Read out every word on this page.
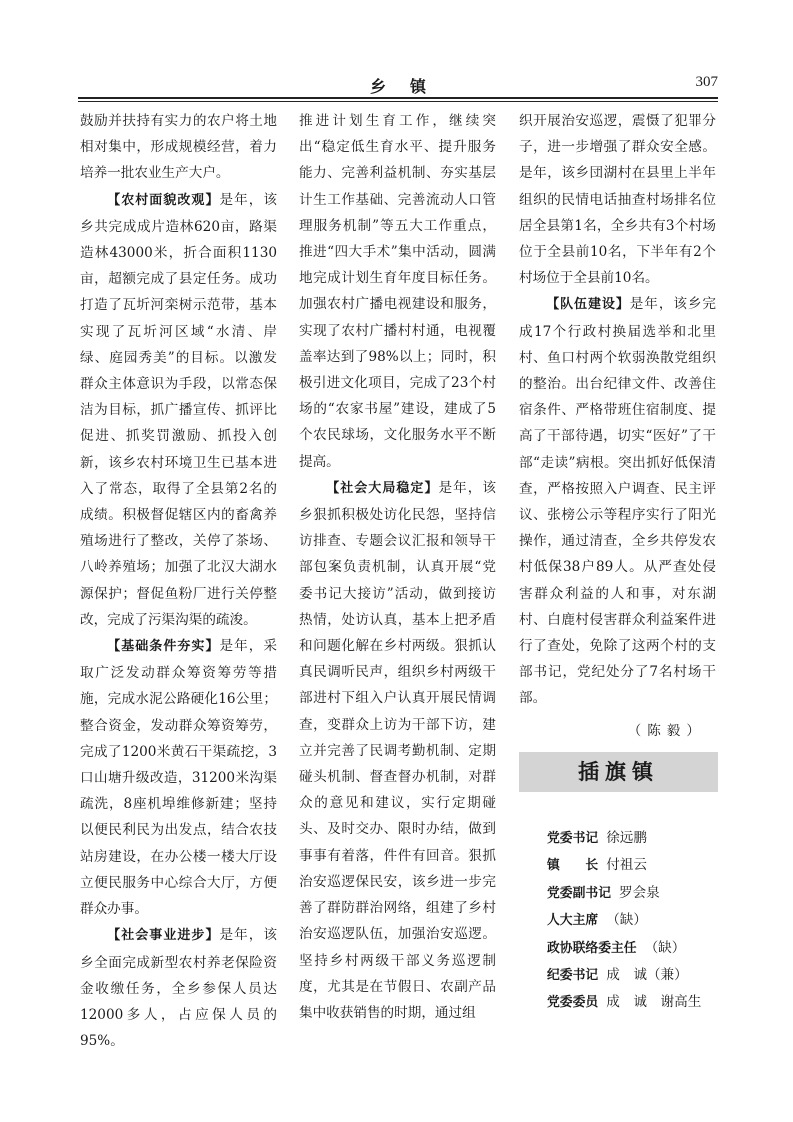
乡镇	307

鼓励并扶持有实力的农户将土地相对集中，形成规模经营，着力培养一批农业生产大户。

【农村面貌改观】是年，该乡共完成成片造林620亩，路渠造林43000米，折合面积1130亩，超额完成了县定任务。成功打造了瓦圻河栾树示范带，基本实现了瓦圻河区域“水清、岸绿、庭园秀美”的目标。以激发群众主体意识为手段，以常态保洁为目标，抓广播宣传、抓评比促进、抓奖罚激励、抓投入创新，该乡农村环境卫生已基本进入了常态，取得了全县第2名的成绩。积极督促辖区内的畜禽养殖场进行了整改，关停了茶场、八岭养殖场；加强了北汉大湖水源保护；督促鱼粉厂进行关停整改，完成了污渠沟渠的疏浚。

【基础条件夯实】是年，采取广泛发动群众筹资筹劳等措施，完成水泥公路硬化16公里；整合资金，发动群众筹资筹劳，完成了1200米黄石干渠疏挖，3口山塘升级改造，31200米沟渠疏洗，8座机埠维修新建；坚持以便民利民为出发点，结合农技站房建设，在办公楼一楼大厅设立便民服务中心综合大厅，方便群众办事。

【社会事业进步】是年，该乡全面完成新型农村养老保险资金收缴任务，全乡参保人员达12000多人，占应保人员的95%。

推进计划生育工作，继续突出“稳定低生育水平、提升服务能力、完善利益机制、夯实基层计生工作基础、完善流动人口管理服务机制”等五大工作重点，推进“四大手术”集中活动，圆满地完成计划生育年度目标任务。加强农村广播电视建设和服务，实现了农村广播村村通，电视覆盖率达到了98%以上；同时，积极引进文化项目，完成了23个村场的“农家书屋”建设，建成了5个农民球场，文化服务水平不断提高。

【社会大局稳定】是年，该乡狠抓积极处访化民怨，坚持信访排查、专题会议汇报和领导干部包案负责机制，认真开展“党委书记大接访”活动，做到接访热情，处访认真，基本上把矛盾和问题化解在乡村两级。狠抓认真民调听民声，组织乡村两级干部进村下组入户认真开展民情调查，变群众上访为干部下访，建立并完善了民调考勤机制、定期碰头机制、督查督办机制，对群众的意见和建议，实行定期碰头、及时交办、限时办结，做到事事有着落，件件有回音。狠抓治安巡逻保民安，该乡进一步完善了群防群治网络，组建了乡村治安巡逻队伍，加强治安巡逻。坚持乡村两级干部义务巡逻制度，尤其是在节假日、农副产品集中收获销售的时期，通过组

织开展治安巡逻，震慑了犯罪分子，进一步增强了群众安全感。是年，该乡団湖村在县里上半年组织的民情电话抽查村场排名位居全县第1名，全乡共有3个村场位于全县前10名，下半年有2个村场位于全县前10名。

【队伍建设】是年，该乡完成17个行政村换届选举和北里村、鱼口村两个软弱涣散党组织的整治。出台纪律文件、改善住宿条件、严格带班住宿制度、提高了干部待遇，切实“医好”了干部“走读”病根。突出抓好低保清查，严格按照入户调查、民主评议、张榜公示等程序实行了阳光操作，通过清查，全乡共停发农村低保38户89人。从严查处侵害群众利益的人和事，对东湖村、白鹿村侵害群众利益案件进行了查处，免除了这两个村的支部书记，党纪处分了7名村场干部。

（陈毅）

插旗镇
党委书记 徐远鹏
镇　　长 付祖云
党委副书记 罗会泉
人大主席 （缺）
政协联络委主任 （缺）
纪委书记 成　诚（兼）
党委委员 成　诚　谢高生
